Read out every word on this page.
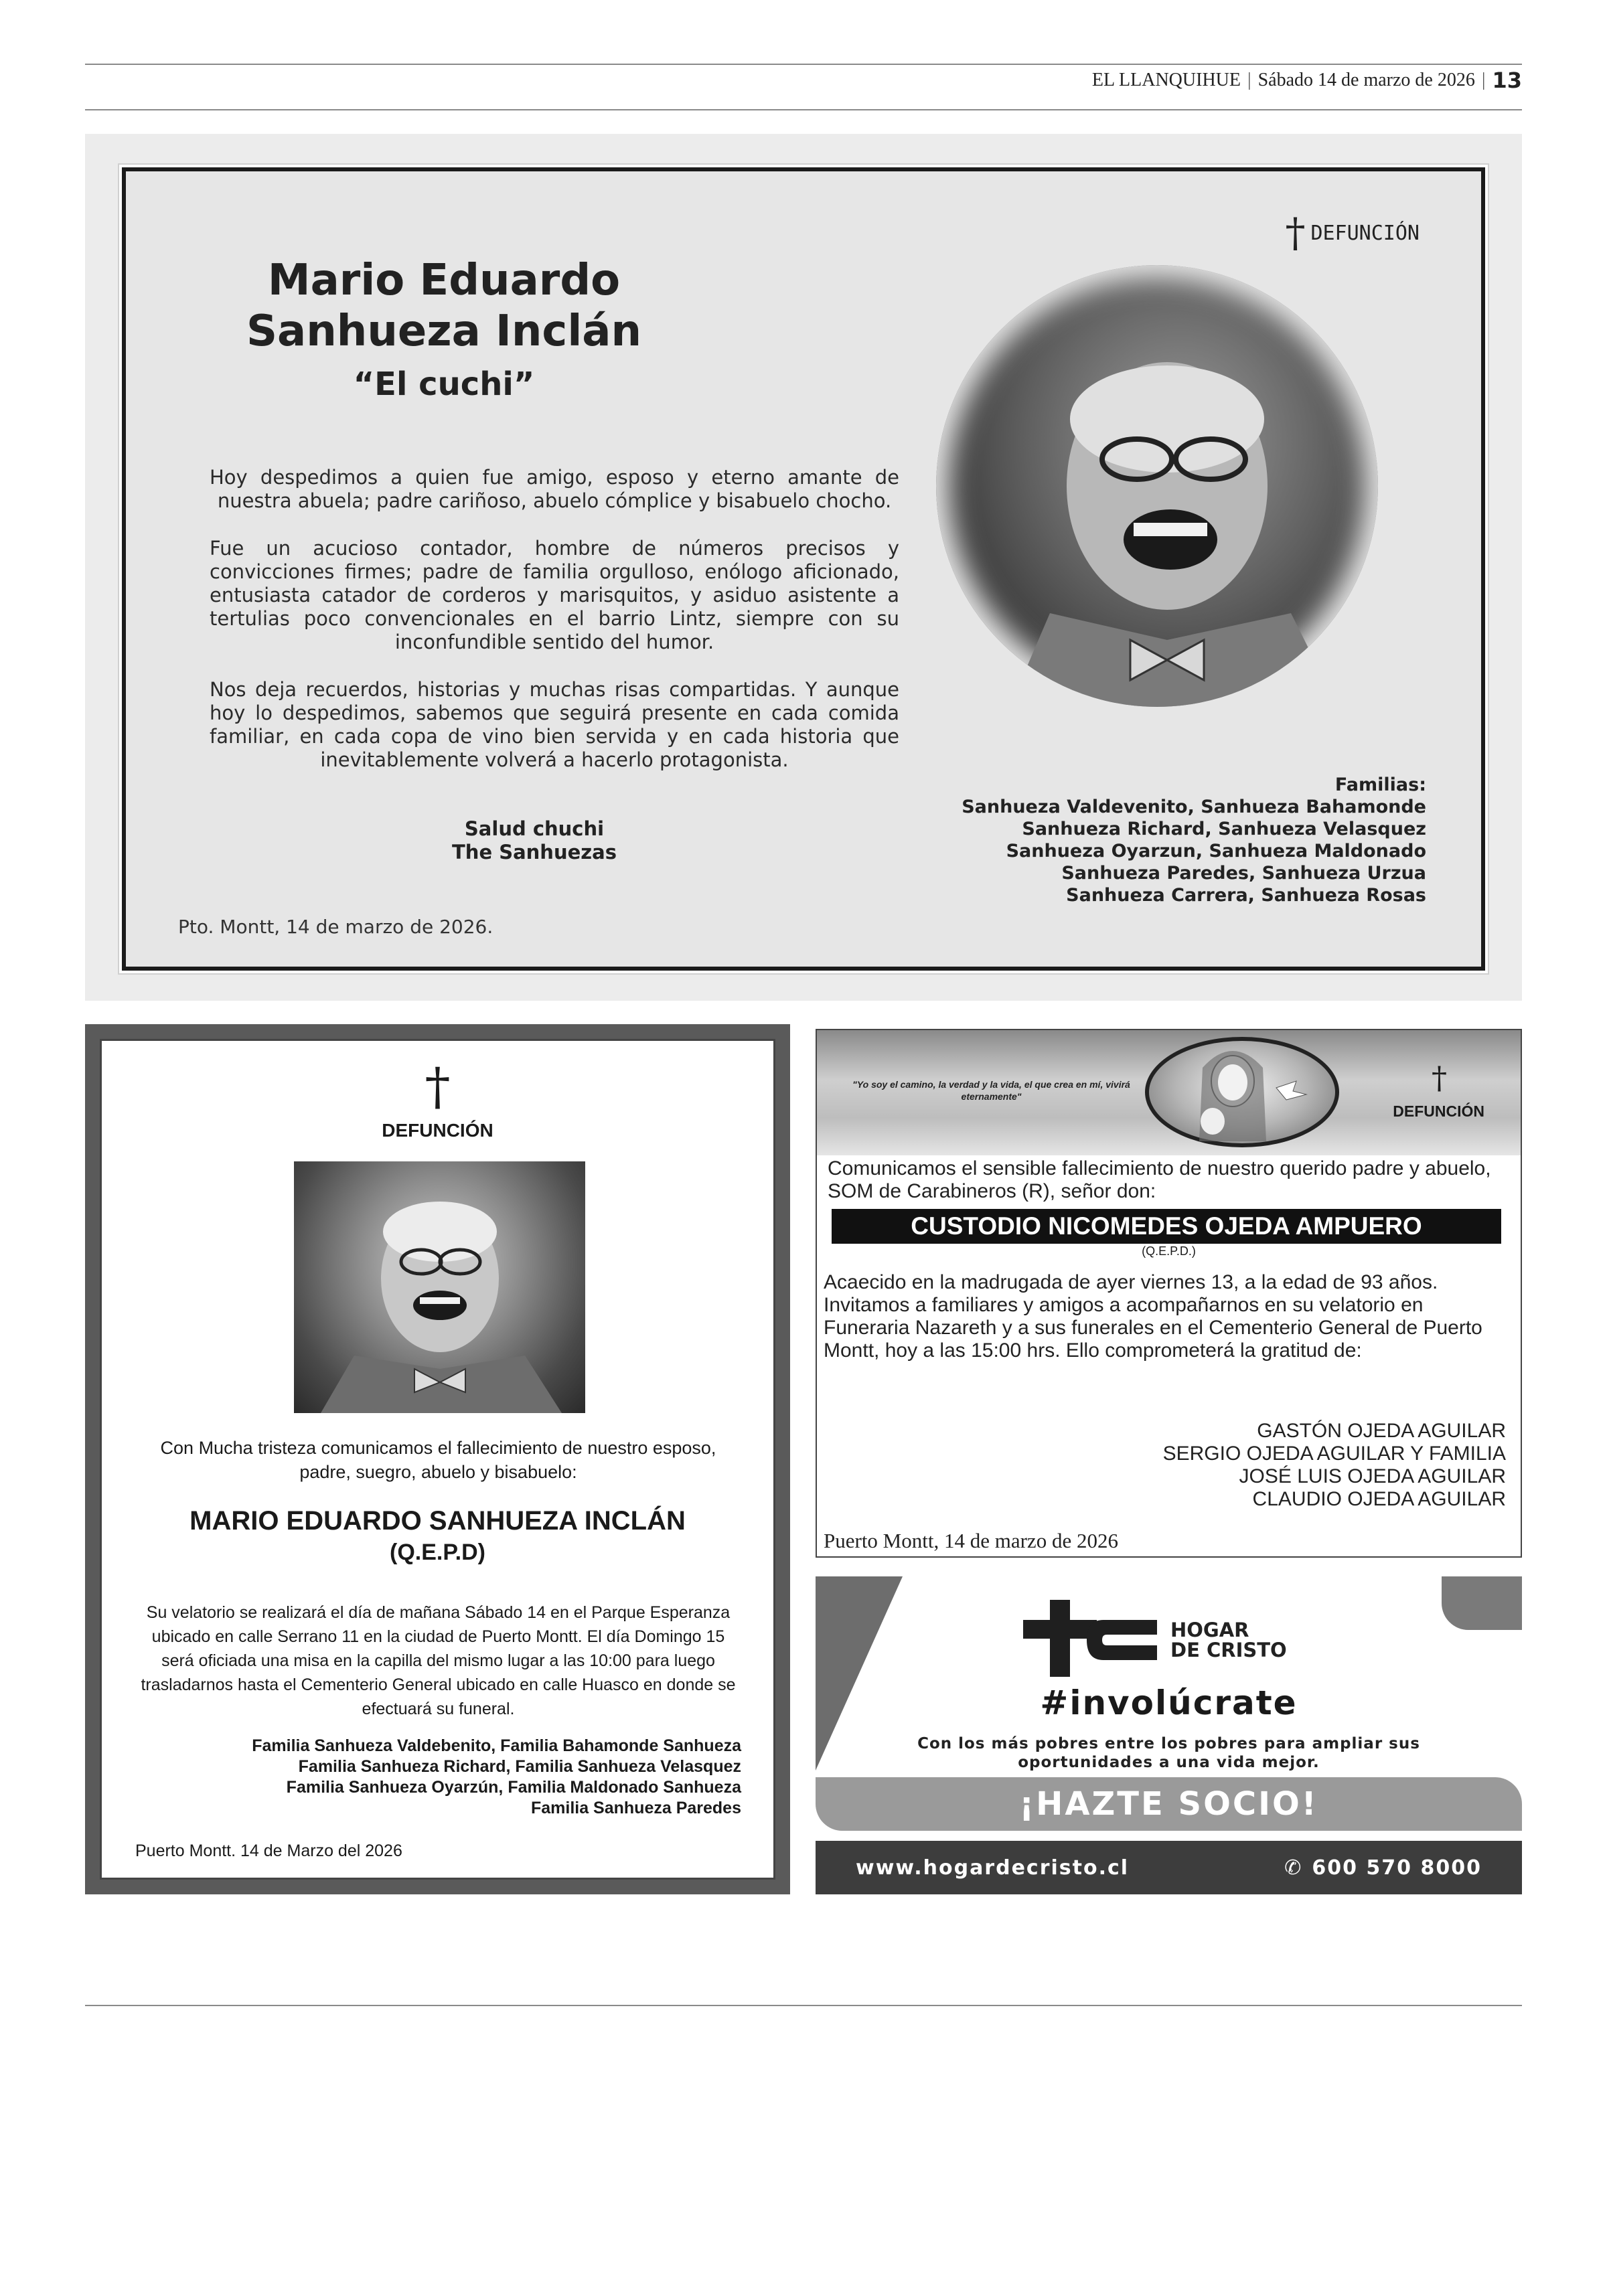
EL LLANQUIHUE | Sábado 14 de marzo de 2026 | 13
† DEFUNCIÓN
Mario Eduardo
Sanhueza Inclán
“El cuchi”

Hoy despedimos a quien fue amigo, esposo y eterno amante de nuestra abuela; padre cariñoso, abuelo cómplice y bisabuelo chocho.

Fue un acucioso contador, hombre de números precisos y convicciones firmes; padre de familia orgulloso, enólogo aficionado, entusiasta catador de corderos y marisquitos, y asiduo asistente a tertulias poco convencionales en el barrio Lintz, siempre con su inconfundible sentido del humor.

Nos deja recuerdos, historias y muchas risas compartidas. Y aunque hoy lo despedimos, sabemos que seguirá presente en cada comida familiar, en cada copa de vino bien servida y en cada historia que inevitablemente volverá a hacerlo protagonista.

Salud chuchi
The Sanhuezas
Pto. Montt, 14 de marzo de 2026.
Familias:
Sanhueza Valdevenito, Sanhueza Bahamonde
Sanhueza Richard, Sanhueza Velasquez
Sanhueza Oyarzun, Sanhueza Maldonado
Sanhueza Paredes, Sanhueza Urzua
Sanhueza Carrera, Sanhueza Rosas
†
DEFUNCIÓN
Con Mucha tristeza comunicamos el fallecimiento de nuestro esposo, padre, suegro, abuelo y bisabuelo:
MARIO EDUARDO SANHUEZA INCLÁN
(Q.E.P.D)
Su velatorio se realizará el día de mañana Sábado 14 en el Parque Esperanza ubicado en calle Serrano 11 en la ciudad de Puerto Montt. El día Domingo 15 será oficiada una misa en la capilla del mismo lugar a las 10:00 para luego trasladarnos hasta el Cementerio General ubicado en calle Huasco en donde se efectuará su funeral.
Familia Sanhueza Valdebenito, Familia Bahamonde Sanhueza
Familia Sanhueza Richard, Familia Sanhueza Velasquez
Familia Sanhueza Oyarzún, Familia Maldonado Sanhueza
Familia Sanhueza Paredes
Puerto Montt. 14 de Marzo del 2026
"Yo soy el camino, la verdad y la vida, el que crea en mí, vivirá eternamente"
†
DEFUNCIÓN
Comunicamos el sensible fallecimiento de nuestro querido padre y abuelo, SOM de Carabineros (R), señor don:
CUSTODIO NICOMEDES OJEDA AMPUERO
(Q.E.P.D.)
Acaecido en la madrugada de ayer viernes 13, a la edad de 93 años. Invitamos a familiares y amigos a acompañarnos en su velatorio en Funeraria Nazareth y a sus funerales en el Cementerio General de Puerto Montt, hoy a las 15:00 hrs. Ello comprometerá la gratitud de:
GASTÓN OJEDA AGUILAR
SERGIO OJEDA AGUILAR Y FAMILIA
JOSÉ LUIS OJEDA AGUILAR
CLAUDIO OJEDA AGUILAR
Puerto Montt, 14 de marzo de 2026
HOGAR
DE CRISTO
#involúcrate
Con los más pobres entre los pobres para ampliar sus oportunidades a una vida mejor.
¡HAZTE SOCIO!
www.hogardecristo.cl	✆ 600 570 8000
